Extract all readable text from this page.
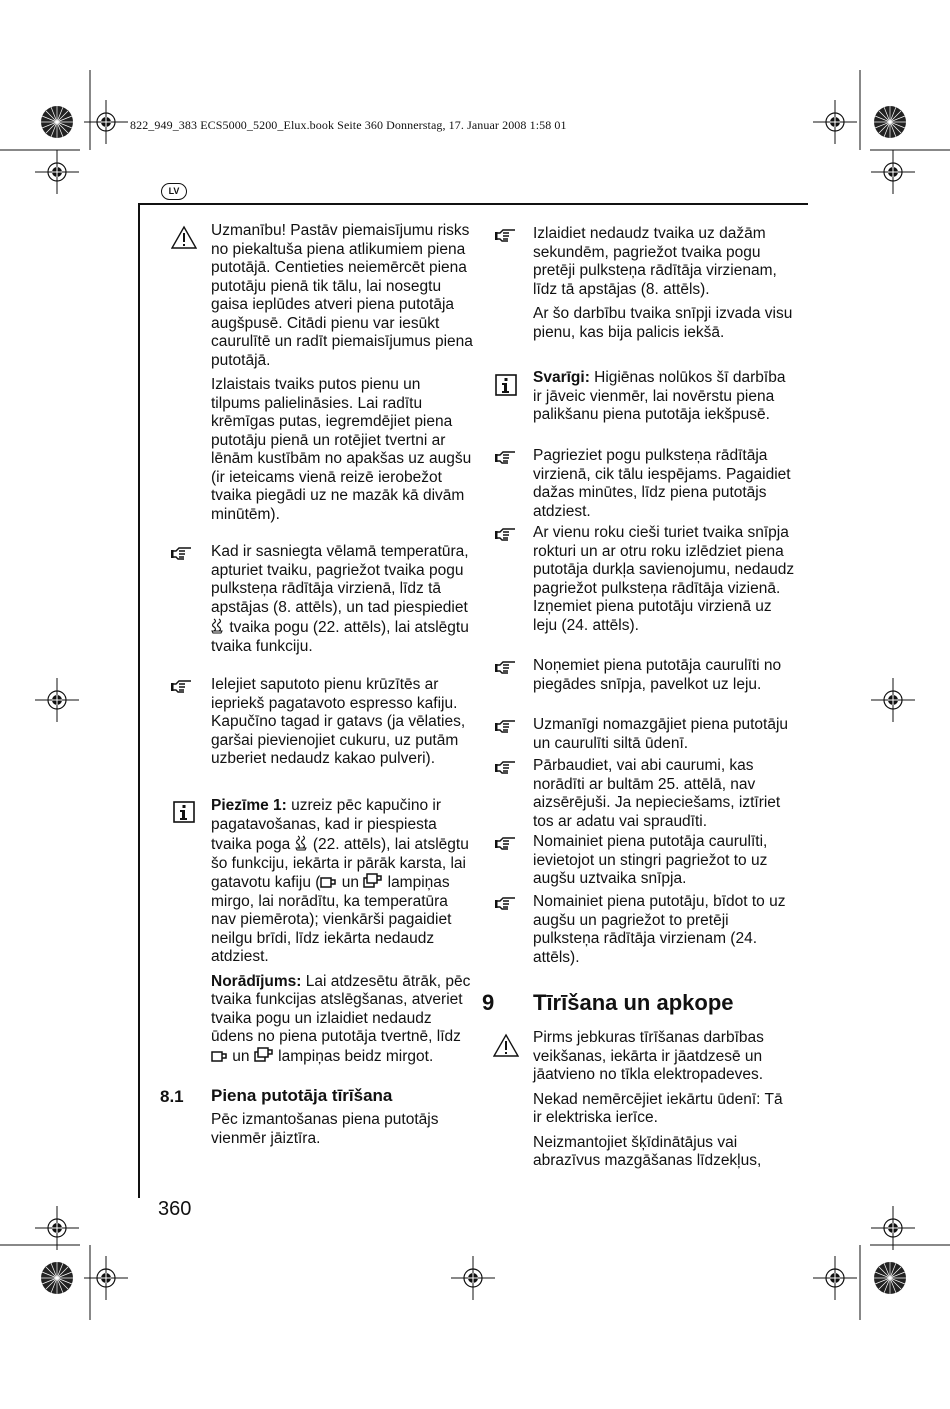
822_949_383 ECS5000_5200_Elux.book Seite 360 Donnerstag, 17. Januar 2008 1:58 01
LV

Uzmanību! Pastāv piemaisījumu risks no piekaltuša piena atlikumiem piena putotājā. Centieties neiemērcēt piena putotāju pienā tik tālu, lai nosegtu gaisa ieplūdes atveri piena putotāja augšpusē. Citādi pienu var iesūkt caurulītē un radīt piemaisījumus piena putotājā.

Izlaistais tvaiks putos pienu un tilpums palielināsies. Lai radītu krēmīgas putas, iegremdējiet piena putotāju pienā un rotējiet tvertni ar lēnām kustībām no apakšas uz augšu (ir ieteicams vienā reizē ierobežot tvaika piegādi uz ne mazāk kā divām minūtēm).

Kad ir sasniegta vēlamā temperatūra, apturiet tvaiku, pagriežot tvaika pogu pulksteņa rādītāja virzienā, līdz tā apstājas (8. attēls), un tad piespiediet  tvaika pogu (22. attēls), lai atslēgtu tvaika funkciju.

Ielejiet saputoto pienu krūzītēs ar iepriekš pagatavoto espresso kafiju. Kapučīno tagad ir gatavs (ja vēlaties, garšai pievienojiet cukuru, uz putām uzberiet nedaudz kakao pulveri).

Piezīme 1: uzreiz pēc kapučino ir pagatavošanas, kad ir piespiesta tvaika poga  (22. attēls), lai atslēgtu šo funkciju, iekārta ir pārāk karsta, lai gatavotu kafiju ( un  lampiņas mirgo, lai norādītu, ka temperatūra nav piemērota); vienkārši pagaidiet neilgu brīdi, līdz iekārta nedaudz atdziest.

Norādījums: Lai atdzesētu ātrāk, pēc tvaika funkcijas atslēgšanas, atveriet tvaika pogu un izlaidiet nedaudz ūdens no piena putotāja tvertnē, līdz  un  lampiņas beidz mirgot.

8.1 Piena putotāja tīrīšana
Pēc izmantošanas piena putotājs vienmēr jāiztīra.
360

Izlaidiet nedaudz tvaika uz dažām sekundēm, pagriežot tvaika pogu pretēji pulksteņa rādītāja virzienam, līdz tā apstājas (8. attēls).

Ar šo darbību tvaika snīpji izvada visu pienu, kas bija palicis iekšā.

Svarīgi: Higiēnas nolūkos šī darbība ir jāveic vienmēr, lai novērstu piena palikšanu piena putotāja iekšpusē.

Pagrieziet pogu pulksteņa rādītāja virzienā, cik tālu iespējams. Pagaidiet dažas minūtes, līdz piena putotājs atdziest.
Ar vienu roku cieši turiet tvaika snīpja rokturi un ar otru roku izlēdziet piena putotāja durkļa savienojumu, nedaudz pagriežot pulksteņa rādītāja vizienā. Izņemiet piena putotāju virzienā uz leju (24. attēls).
Noņemiet piena putotāja caurulīti no piegādes snīpja, pavelkot uz leju.
Uzmanīgi nomazgājiet piena putotāju un caurulīti siltā ūdenī.
Pārbaudiet, vai abi caurumi, kas norādīti ar bultām 25. attēlā, nav aizsērējuši. Ja nepieciešams, iztīriet tos ar adatu vai spraudīti.
Nomainiet piena putotāja caurulīti, ievietojot un stingri pagriežot to uz augšu uztvaika snīpja.
Nomainiet piena putotāju, bīdot to uz augšu un pagriežot to pretēji pulksteņa rādītāja virzienam (24. attēls).
9 Tīrīšana un apkope

Pirms jebkuras tīrīšanas darbības veikšanas, iekārta ir jāatdzesē un jāatvieno no tīkla elektropadeves.

Nekad nemērcējiet iekārtu ūdenī: Tā ir elektriska ierīce.

Neizmantojiet šķīdinātājus vai abrazīvus mazgāšanas līdzekļus,
